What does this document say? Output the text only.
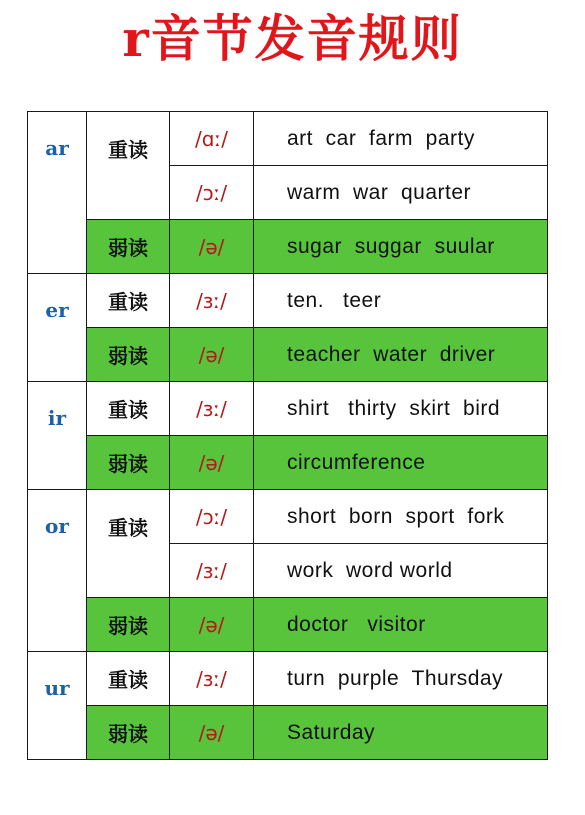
r音节发音规则
ar	重读	/ɑː/	art  car  farm  party
		/ɔː/	warm  war  quarter
	弱读	/ə/	sugar  suggar  suular
er	重读	/ɜː/	ten.   teer
	弱读	/ə/	teacher  water  driver
ir	重读	/ɜː/	shirt   thirty  skirt  bird
	弱读	/ə/	circumference
or	重读	/ɔː/	short  born  sport  fork
		/ɜː/	work  word world
	弱读	/ə/	doctor   visitor
ur	重读	/ɜː/	turn  purple  Thursday
	弱读	/ə/	Saturday
